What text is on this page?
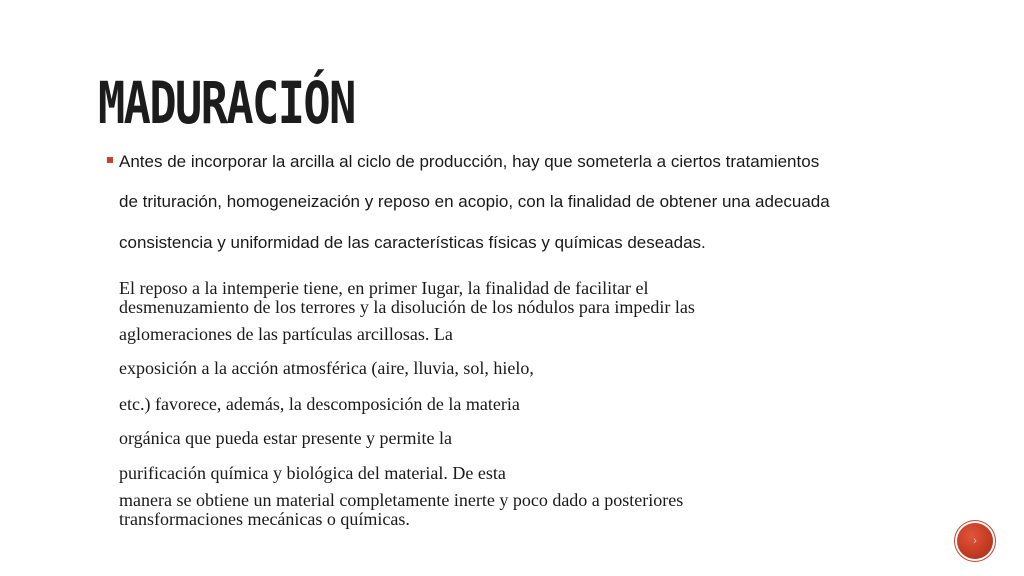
MADURACIÓN

Antes de incorporar la arcilla al ciclo de producción, hay que someterla a ciertos tratamientos

de trituración, homogeneización y reposo en acopio, con la finalidad de obtener una adecuada

consistencia y uniformidad de las características físicas y químicas deseadas.

El reposo a la intemperie tiene, en primer Iugar, la finalidad de facilitar el

desmenuzamiento de los terrores y la disolución de los nódulos para impedir las

aglomeraciones de las partículas arcillosas. La

exposición a la acción atmosférica (aire, lluvia, sol, hielo,

etc.) favorece, además, la descomposición de la materia

orgánica que pueda estar presente y permite la

purificación química y biológica del material. De esta

manera se obtiene un material completamente inerte y poco dado a posteriores

transformaciones mecánicas o químicas.

›
